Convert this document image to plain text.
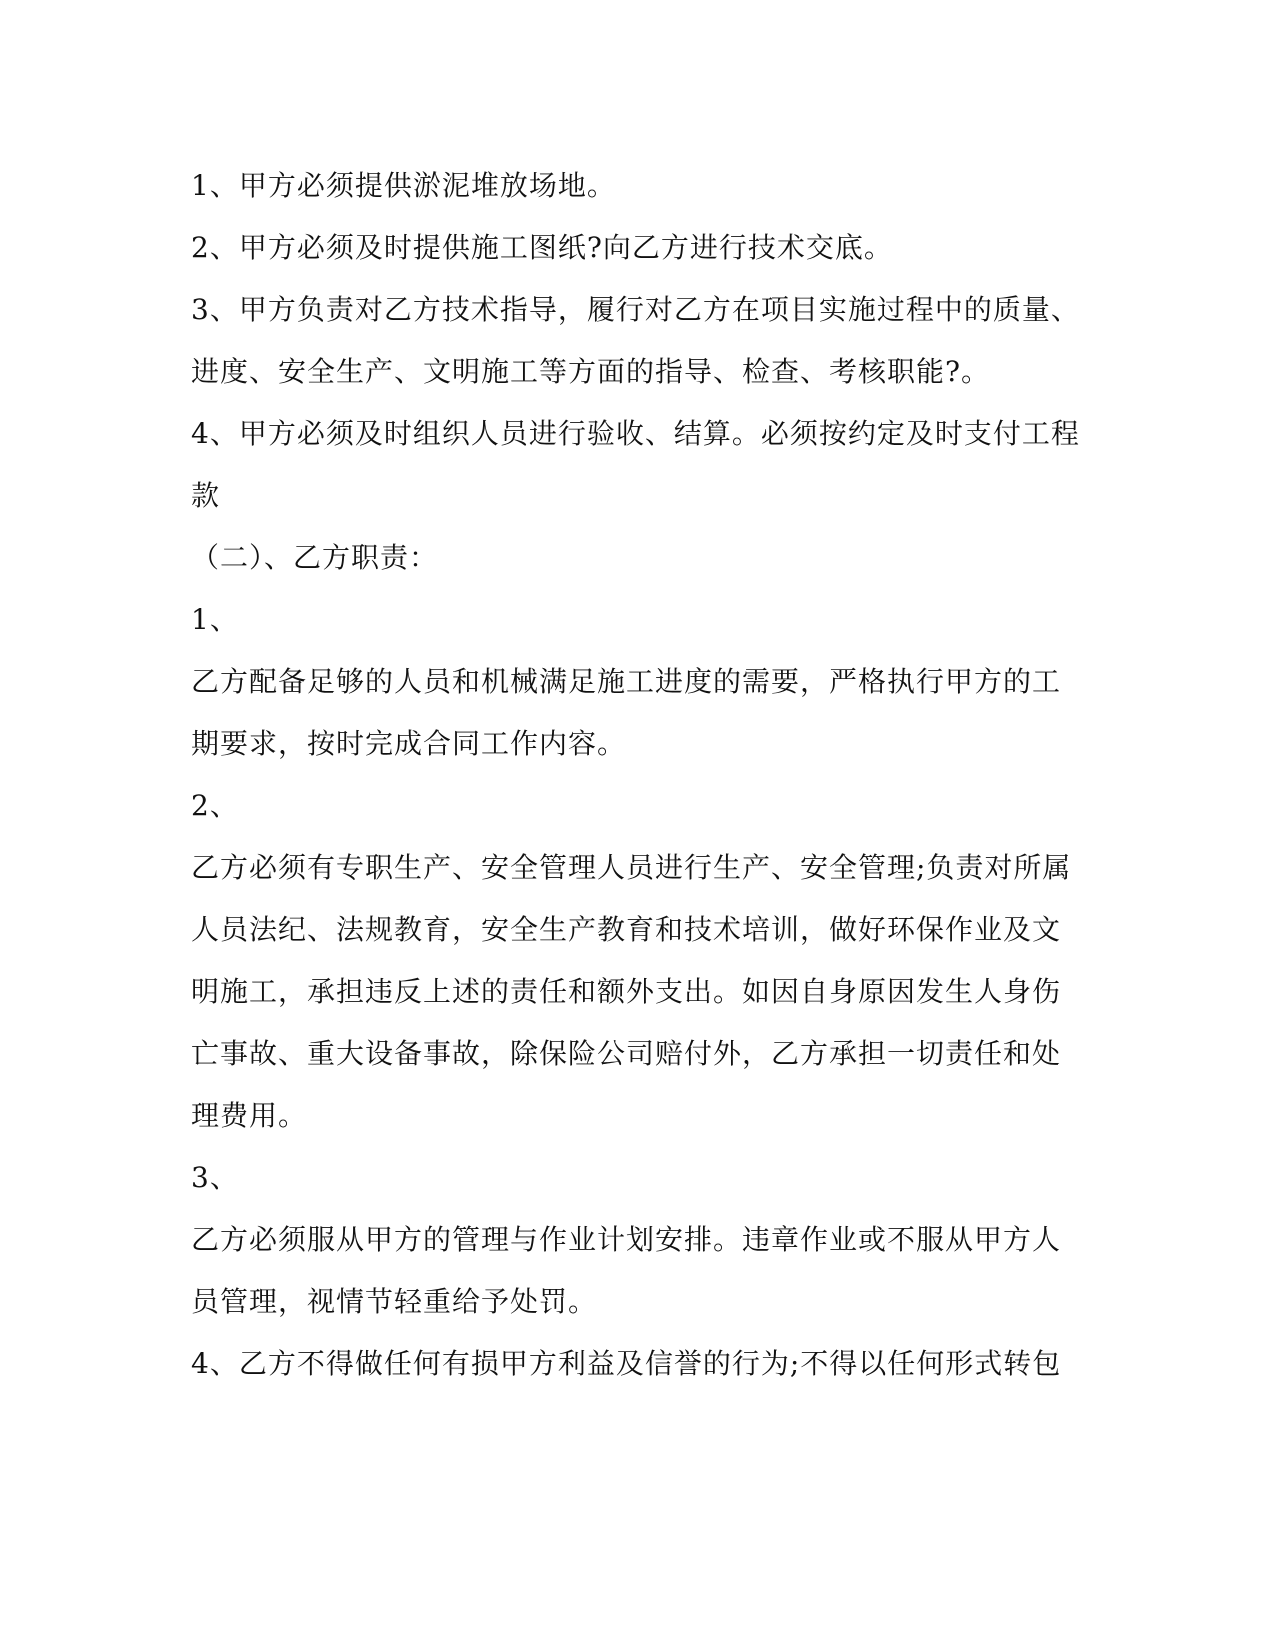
1、甲方必须提供淤泥堆放场地。
2、甲方必须及时提供施工图纸?向乙方进行技术交底。
3、甲方负责对乙方技术指导，履行对乙方在项目实施过程中的质量、
进度、安全生产、文明施工等方面的指导、检查、考核职能?。
4、甲方必须及时组织人员进行验收、结算。必须按约定及时支付工程
款
（二）、乙方职责：
1、
乙方配备足够的人员和机械满足施工进度的需要，严格执行甲方的工
期要求，按时完成合同工作内容。
2、
乙方必须有专职生产、安全管理人员进行生产、安全管理;负责对所属
人员法纪、法规教育，安全生产教育和技术培训，做好环保作业及文
明施工，承担违反上述的责任和额外支出。如因自身原因发生人身伤
亡事故、重大设备事故，除保险公司赔付外，乙方承担一切责任和处
理费用。
3、
乙方必须服从甲方的管理与作业计划安排。违章作业或不服从甲方人
员管理，视情节轻重给予处罚。
4、乙方不得做任何有损甲方利益及信誉的行为;不得以任何形式转包
